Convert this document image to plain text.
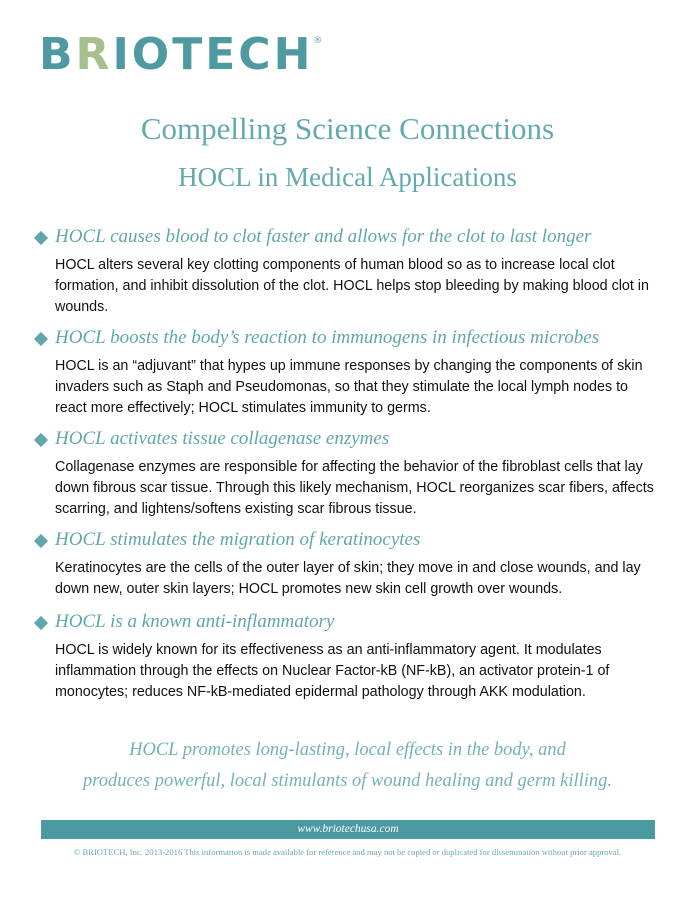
BRIOTECH®
Compelling Science Connections
HOCL in Medical Applications
HOCL causes blood to clot faster and allows for the clot to last longer
HOCL alters several key clotting components of human blood so as to increase local clot formation, and inhibit dissolution of the clot. HOCL helps stop bleeding by making blood clot in wounds.
HOCL boosts the body’s reaction to immunogens in infectious microbes
HOCL is an “adjuvant” that hypes up immune responses by changing the components of skin invaders such as Staph and Pseudomonas, so that they stimulate the local lymph nodes to react more effectively; HOCL stimulates immunity to germs.
HOCL activates tissue collagenase enzymes
Collagenase enzymes are responsible for affecting the behavior of the fibroblast cells that lay down fibrous scar tissue. Through this likely mechanism, HOCL reorganizes scar fibers, affects scarring, and lightens/softens existing scar fibrous tissue.
HOCL stimulates the migration of keratinocytes
Keratinocytes are the cells of the outer layer of skin; they move in and close wounds, and lay down new, outer skin layers; HOCL promotes new skin cell growth over wounds.
HOCL is a known anti-inflammatory
HOCL is widely known for its effectiveness as an anti-inflammatory agent. It modulates inflammation through the effects on Nuclear Factor-kB (NF-kB), an activator protein-1 of monocytes; reduces NF-kB-mediated epidermal pathology through AKK modulation.
HOCL promotes long-lasting, local effects in the body, and
produces powerful, local stimulants of wound healing and germ killing.
www.briotechusa.com
© BRIOTECH, Inc. 2013-2016 This information is made available for reference and may not be copied or duplicated for dissemination without prior approval.
